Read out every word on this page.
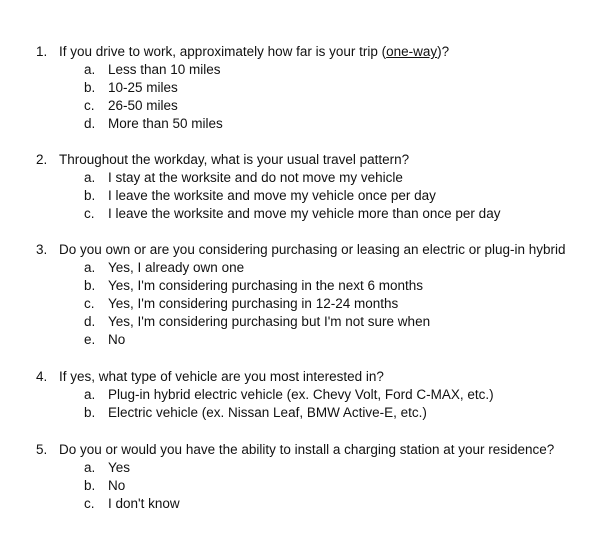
1. If you drive to work, approximately how far is your trip (one-way)?
a. Less than 10 miles
b. 10-25 miles
c. 26-50 miles
d. More than 50 miles
2. Throughout the workday, what is your usual travel pattern?
a. I stay at the worksite and do not move my vehicle
b. I leave the worksite and move my vehicle once per day
c. I leave the worksite and move my vehicle more than once per day
3. Do you own or are you considering purchasing or leasing an electric or plug-in hybrid
a. Yes, I already own one
b. Yes, I'm considering purchasing in the next 6 months
c. Yes, I'm considering purchasing in 12-24 months
d. Yes, I'm considering purchasing but I'm not sure when
e. No
4. If yes, what type of vehicle are you most interested in?
a. Plug-in hybrid electric vehicle (ex. Chevy Volt, Ford C-MAX, etc.)
b. Electric vehicle (ex. Nissan Leaf, BMW Active-E, etc.)
5. Do you or would you have the ability to install a charging station at your residence?
a. Yes
b. No
c. I don't know
